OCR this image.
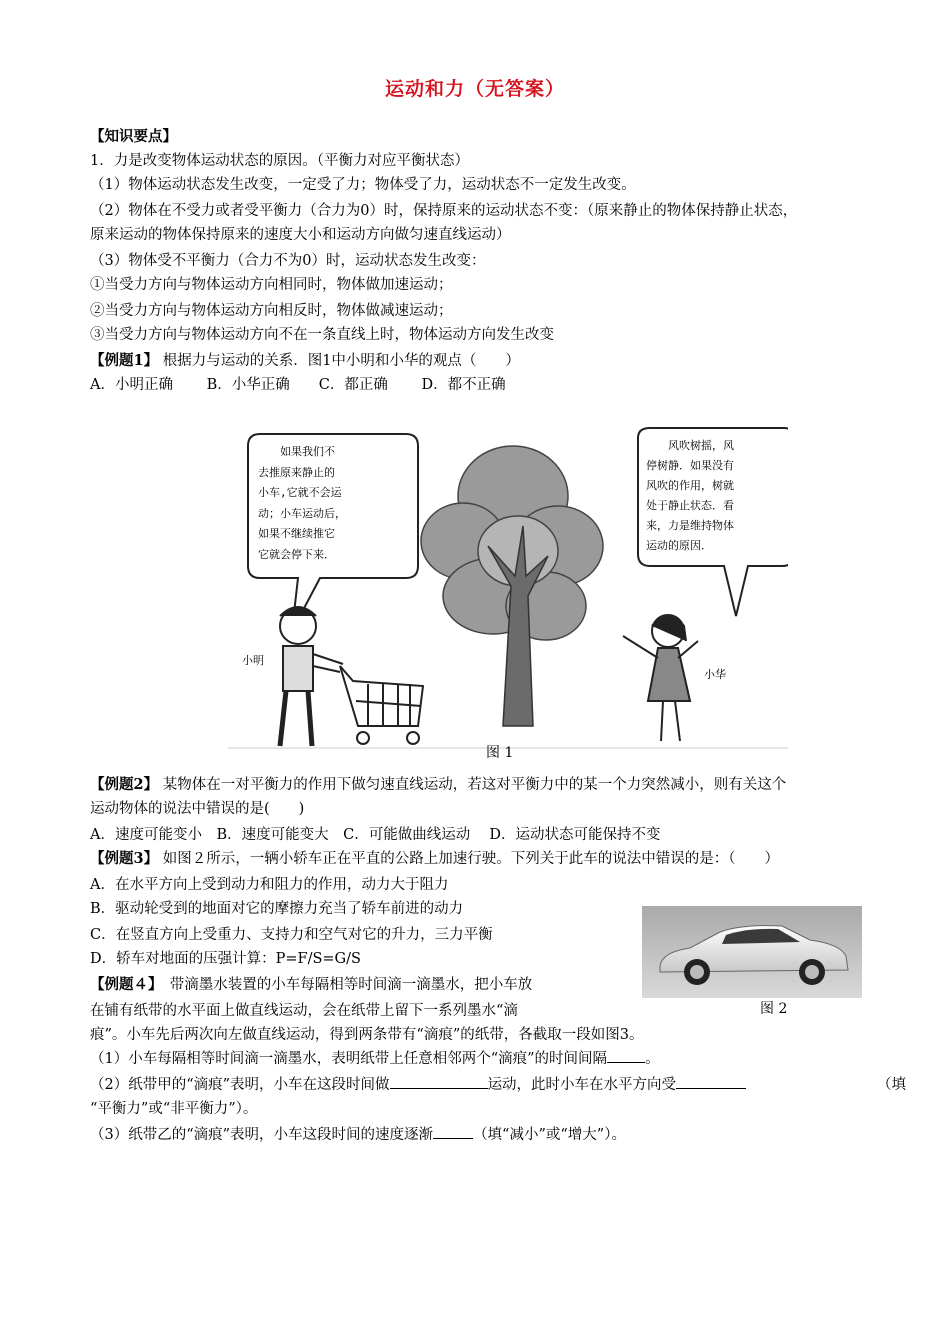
运动和力（无答案）
【知识要点】
1．力是改变物体运动状态的原因。（平衡力对应平衡状态）
（1）物体运动状态发生改变，一定受了力；物体受了力，运动状态不一定发生改变。
（2）物体在不受力或者受平衡力（合力为0）时，保持原来的运动状态不变：（原来静止的物体保持静止状态，
原来运动的物体保持原来的速度大小和运动方向做匀速直线运动）
（3）物体受不平衡力（合力不为0）时，运动状态发生改变：
①当受力方向与物体运动方向相同时，物体做加速运动；
②当受力方向与物体运动方向相反时，物体做减速运动；
③当受力方向与物体运动方向不在一条直线上时，物体运动方向发生改变
【例题1】 根据力与运动的关系．图1中小明和小华的观点（　　）
A．小明正确　　 B．小华正确　　C．都正确　　 D．都不正确
如果我们不
去推原来静止的
小车,它就不会运
动；小车运动后，
如果不继续推它
它就会停下来．
风吹树摇，风
停树静．如果没有
风吹的作用，树就
处于静止状态．看
来，力是维持物体
运动的原因．
小明
小华
图 1
【例题2】 某物体在一对平衡力的作用下做匀速直线运动，若这对平衡力中的某一个力突然减小，则有关这个
运动物体的说法中错误的是(　　)
A．速度可能变小　B．速度可能变大　C．可能做曲线运动　 D．运动状态可能保持不变
【例题3】 如图２所示，一辆小轿车正在平直的公路上加速行驶。下列关于此车的说法中错误的是：（　　）
A．在水平方向上受到动力和阻力的作用，动力大于阻力
B．驱动轮受到的地面对它的摩擦力充当了轿车前进的动力
C．在竖直方向上受重力、支持力和空气对它的升力，三力平衡
D．轿车对地面的压强计算：P=F/S=G/S
图 2
【例题４】　带滴墨水装置的小车每隔相等时间滴一滴墨水，把小车放
在铺有纸带的水平面上做直线运动，会在纸带上留下一系列墨水“滴
痕”。小车先后两次向左做直线运动，得到两条带有“滴痕”的纸带，各截取一段如图3。
（1）小车每隔相等时间滴一滴墨水，表明纸带上任意相邻两个“滴痕”的时间间隔	。
（2）纸带甲的“滴痕”表明，小车在这段时间做	运动，此时小车在水平方向受	（填
“平衡力”或“非平衡力”）。
（3）纸带乙的“滴痕”表明，小车这段时间的速度逐渐	（填“减小”或“增大”）。
